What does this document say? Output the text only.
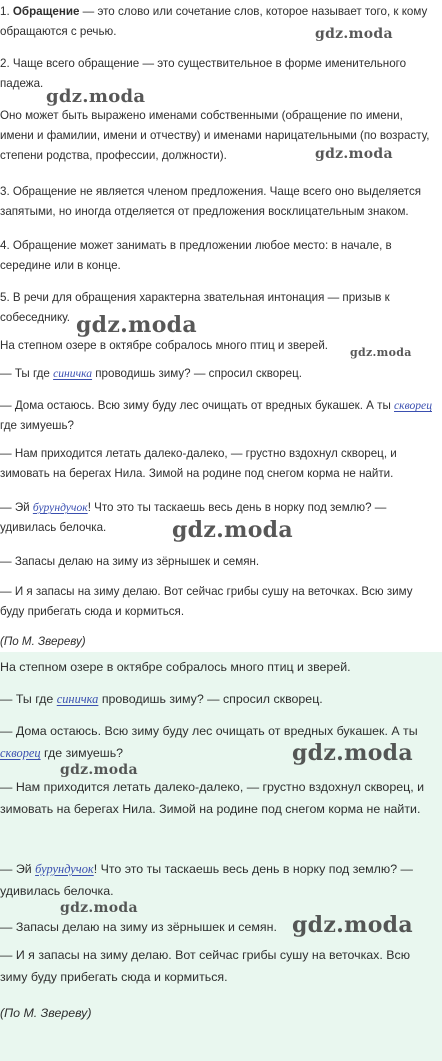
1. Обращение — это слово или сочетание слов, которое называет того, к кому обращаются с речью.

2. Чаще всего обращение — это существительное в форме именительного падежа.

Оно может быть выражено именами собственными (обращение по имени, имени и фамилии, имени и отчеству) и именами нарицательными (по возрасту, степени родства, профессии, должности).

3. Обращение не является членом предложения. Чаще всего оно выделяется запятыми, но иногда отделяется от предложения восклицательным знаком.

4. Обращение может занимать в предложении любое место: в начале, в середине или в конце.

5. В речи для обращения характерна звательная интонация — призыв к собеседнику.

На степном озере в октябре собралось много птиц и зверей.

— Ты где синичка проводишь зиму? — спросил скворец.

— Дома остаюсь. Всю зиму буду лес очищать от вредных букашек. А ты скворец где зимуешь?

— Нам приходится летать далеко-далеко, — грустно вздохнул скворец, и зимовать на берегах Нила. Зимой на родине под снегом корма не найти.

— Эй бурундучок! Что это ты таскаешь весь день в норку под землю? — удивилась белочка.

— Запасы делаю на зиму из зёрнышек и семян.

— И я запасы на зиму делаю. Вот сейчас грибы сушу на веточках. Всю зиму буду прибегать сюда и кормиться.

(По М. Звереву)

На степном озере в октябре собралось много птиц и зверей.

— Ты где синичка проводишь зиму? — спросил скворец.

— Дома остаюсь. Всю зиму буду лес очищать от вредных букашек. А ты скворец где зимуешь?

— Нам приходится летать далеко-далеко, — грустно вздохнул скворец, и зимовать на берегах Нила. Зимой на родине под снегом корма не найти.

— Эй бурундучок! Что это ты таскаешь весь день в норку под землю? — удивилась белочка.

— Запасы делаю на зиму из зёрнышек и семян.

— И я запасы на зиму делаю. Вот сейчас грибы сушу на веточках. Всю зиму буду прибегать сюда и кормиться.

(По М. Звереву)

gdz.moda
gdz.moda
gdz.moda
gdz.moda
gdz.moda
gdz.moda
gdz.moda
gdz.moda
gdz.moda
gdz.moda
